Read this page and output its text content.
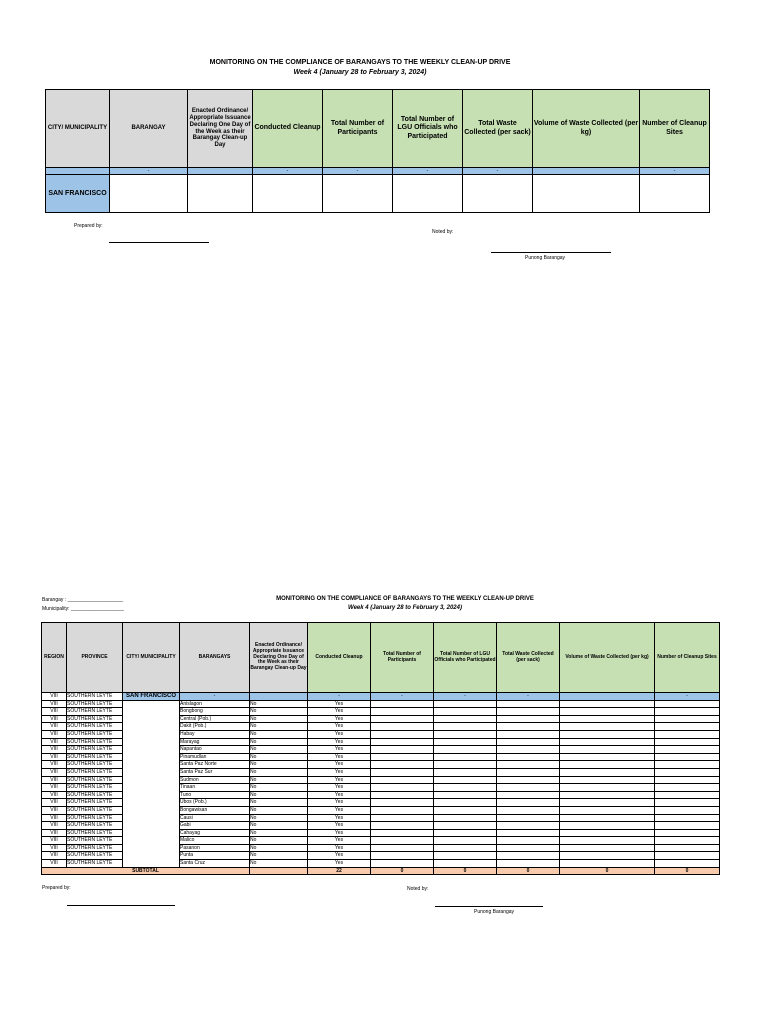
MONITORING ON THE COMPLIANCE OF BARANGAYS TO THE WEEKLY CLEAN-UP DRIVE
Week 4 (January 28 to February 3, 2024)
CITY/ MUNICIPALITY	BARANGAY	Enacted Ordinance/ Appropriate Issuance Declaring One Day of the Week as their Barangay Clean-up Day	Conducted Cleanup	Total Number of Participants	Total Number of LGU Officials who Participated	Total Waste Collected (per sack)	Volume of Waste Collected (per kg)	Number of Cleanup Sites
	-		-	-	-	-		-
SAN FRANCISCO								
Prepared by:
Noted by:
Punong Barangay
Barangay : ____________________
Municipality: ___________________
MONITORING ON THE COMPLIANCE OF BARANGAYS TO THE WEEKLY CLEAN-UP DRIVE
Week 4 (January 28 to February 3, 2024)
REGION	PROVINCE	CITY/ MUNICIPALITY	BARANGAYS	Enacted Ordinance/ Appropriate Issuance Declaring One Day of the Week as their Barangay Clean-up Day	Conducted Cleanup	Total Number of Participants	Total Number of LGU Officials who Participated	Total Waste Collected (per sack)	Volume of Waste Collected (per kg)	Number of Cleanup Sites
VIII	SOUTHERN LEYTE	SAN FRANCISCO	-		-	-	-	-		-
VIII	SOUTHERN LEYTE		Anislagon	No	Yes					
VIII	SOUTHERN LEYTE		Bongbong	No	Yes					
VIII	SOUTHERN LEYTE		Central (Pob.)	No	Yes					
VIII	SOUTHERN LEYTE		Dakit (Pob.)	No	Yes					
VIII	SOUTHERN LEYTE		Habay	No	Yes					
VIII	SOUTHERN LEYTE		Marayag	No	Yes					
VIII	SOUTHERN LEYTE		Napantao	No	Yes					
VIII	SOUTHERN LEYTE		Pinamudlan	No	Yes					
VIII	SOUTHERN LEYTE		Santa Paz Norte	No	Yes					
VIII	SOUTHERN LEYTE		Santa Paz Sur	No	Yes					
VIII	SOUTHERN LEYTE		Sudmon	No	Yes					
VIII	SOUTHERN LEYTE		Tinaan	No	Yes					
VIII	SOUTHERN LEYTE		Tuno	No	Yes					
VIII	SOUTHERN LEYTE		Ubos (Pob.)	No	Yes					
VIII	SOUTHERN LEYTE		Bongawisan	No	Yes					
VIII	SOUTHERN LEYTE		Causi	No	Yes					
VIII	SOUTHERN LEYTE		Gabi	No	Yes					
VIII	SOUTHERN LEYTE		Cahayag	No	Yes					
VIII	SOUTHERN LEYTE		Malico	No	Yes					
VIII	SOUTHERN LEYTE		Pasanon	No	Yes					
VIII	SOUTHERN LEYTE		Punta	No	Yes					
VIII	SOUTHERN LEYTE		Santa Cruz	No	Yes					
SUBTOTAL					22	0	0	0	0	0
Prepared by:	Noted by:
Punong Barangay
